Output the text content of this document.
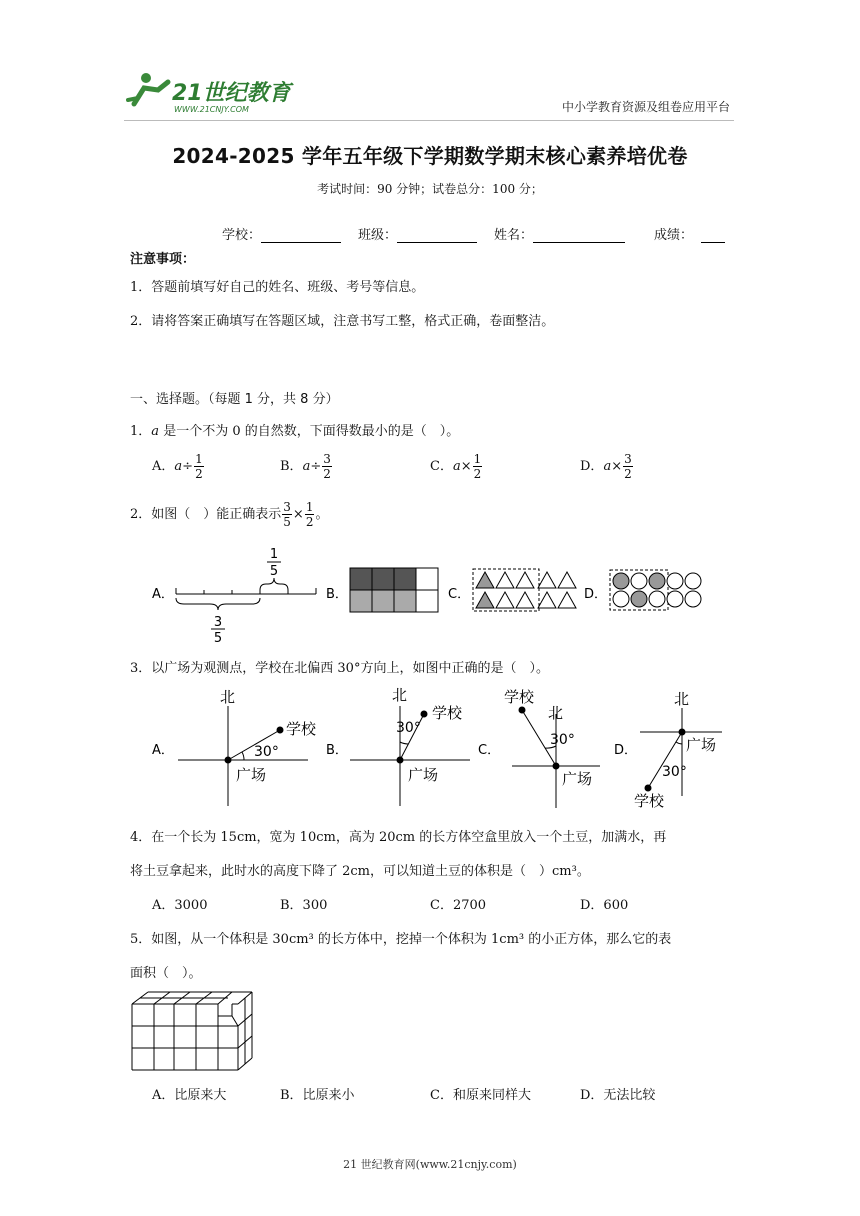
21世纪教育
WWW.21CNJY.COM	中小学教育资源及组卷应用平台
2024-2025 学年五年级下学期数学期末核心素养培优卷
考试时间：90 分钟；试卷总分：100 分；
学校：	班级：	姓名：	成绩：
注意事项：
1．答题前填写好自己的姓名、班级、考号等信息。
2．请将答案正确填写在答题区域，注意书写工整，格式正确，卷面整洁。
一、选择题。（每题 1 分，共 8 分）
1．a 是一个不为 0 的自然数，下面得数最小的是（　）。
A．$a\div \frac{1}{2}$	B．$a\div \frac{3}{2}$	C．$a\times \frac{1}{2}$	D．$a\times \frac{3}{2}$
2．如图（　）能正确表示 $\frac{3}{5} \times \frac{1}{2}$ 。
A．
1
5
3
5
B．	C．	D．
3．以广场为观测点，学校在北偏西 30°方向上，如图中正确的是（　）。
A．
北
学校
广场
30°	B．
北
学校
广场
30°
C．
北
学校
广场
30°
D．
北
广场
30°
学校
4．在一个长为 15cm，宽为 10cm，高为 20cm 的长方体空盒里放入一个土豆，加满水，再
将土豆拿起来，此时水的高度下降了 2cm，可以知道土豆的体积是（　）cm³。
A．3000	B．300	C．2700	D．600
5．如图，从一个体积是 30cm³ 的长方体中，挖掉一个体积为 1cm³ 的小正方体，那么它的表
面积（　）。
A．比原来大	B．比原来小	C．和原来同样大	D．无法比较
21 世纪教育网(www.21cnjy.com)
